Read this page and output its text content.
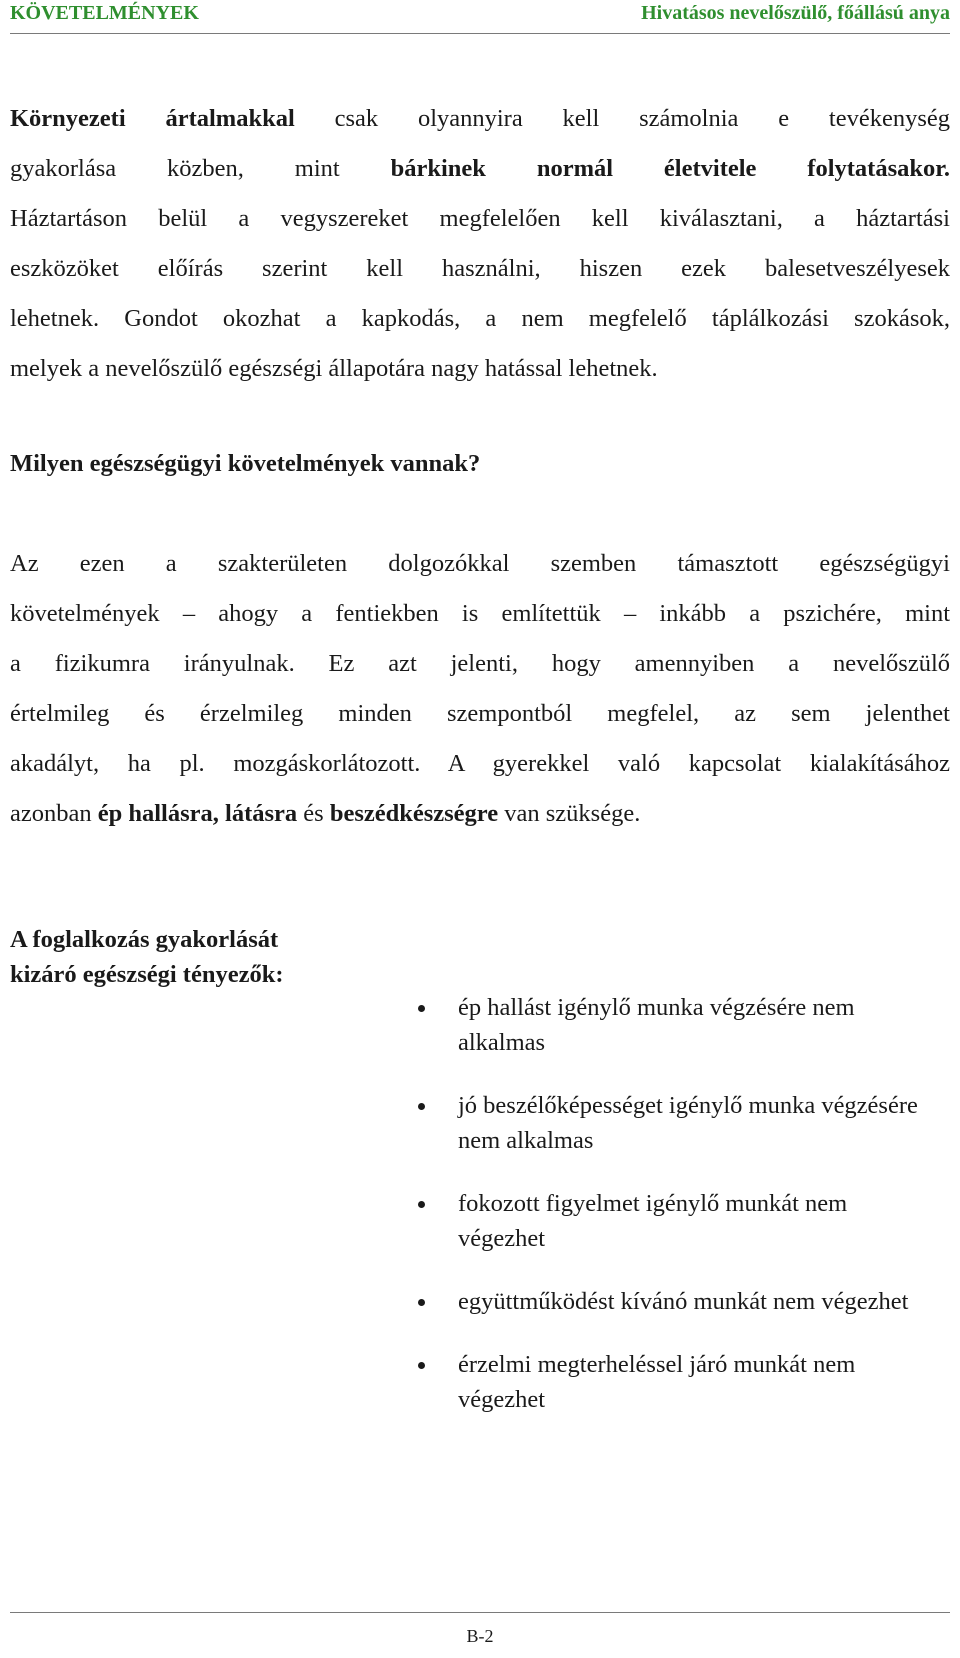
KÖVETELMÉNYEK	Hivatásos nevelőszülő, főállású anya
Környezeti ártalmakkal csak olyannyira kell számolnia e tevékenység
gyakorlása közben, mint bárkinek normál életvitele folytatásakor.
Háztartáson belül a vegyszereket megfelelően kell kiválasztani, a háztartási
eszközöket előírás szerint kell használni, hiszen ezek balesetveszélyesek
lehetnek. Gondot okozhat a kapkodás, a nem megfelelő táplálkozási szokások,
melyek a nevelőszülő egészségi állapotára nagy hatással lehetnek.
Milyen egészségügyi követelmények vannak?
Az ezen a szakterületen dolgozókkal szemben támasztott egészségügyi
követelmények – ahogy a fentiekben is említettük – inkább a pszichére, mint
a fizikumra irányulnak. Ez azt jelenti, hogy amennyiben a nevelőszülő
értelmileg és érzelmileg minden szempontból megfelel, az sem jelenthet
akadályt, ha pl. mozgáskorlátozott. A gyerekkel való kapcsolat kialakításához
azonban ép hallásra, látásra és beszédkészségre van szüksége.
A foglalkozás gyakorlását
kizáró egészségi tényezők:
ép hallást igénylő munka végzésére nem alkalmas
jó beszélőképességet igénylő munka végzésére nem alkalmas
fokozott figyelmet igénylő munkát nem végezhet
együttműködést kívánó munkát nem végezhet
érzelmi megterheléssel járó munkát nem végezhet
B-2
